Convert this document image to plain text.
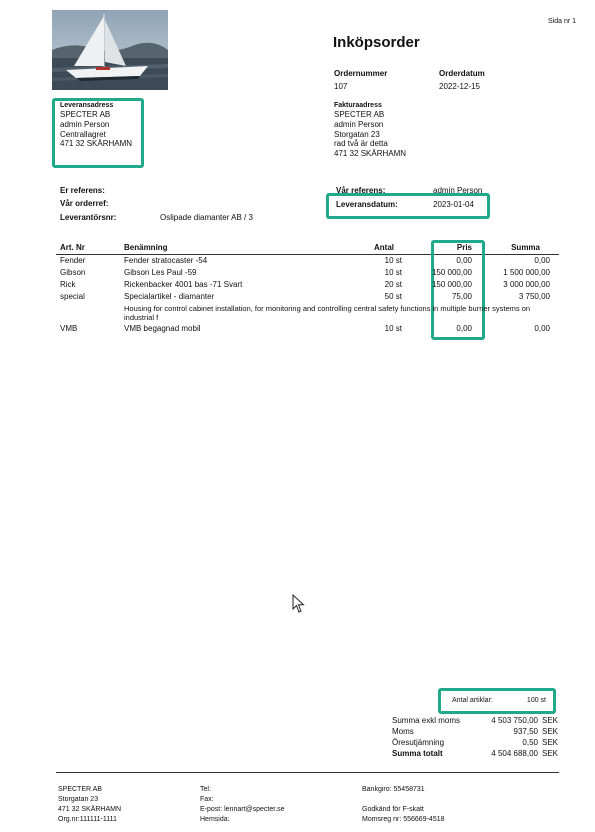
Sida nr 1
Inköpsorder
Ordernummer
107
Orderdatum
2022-12-15
Leveransadress
SPECTER AB
admin Person
Centrallagret
471 32 SKÄRHAMN
Fakturaadress
SPECTER AB
admin Person
Storgatan 23
rad två är detta
471 32 SKÄRHAMN
Er referens:
Vår orderref:
Leverantörsnr:	Oslipade diamanter AB / 3
Vår referens:	admin Person
Leveransdatum:	2023-01-04
Art. Nr	Benämning	Antal	Pris	Summa
Fender	Fender stratocaster -54	10 st	0,00	0,00
Gibson	Gibson Les Paul -59	10 st	150 000,00	1 500 000,00
Rick	Rickenbacker 4001 bas -71 Svart	20 st	150 000,00	3 000 000,00
special	Specialartikel - diamanter	50 st	75,00	3 750,00
Housing for control cabinet installation, for monitoring and controlling central safety functions in multiple burner systems on
industrial f
VMB	VMB begagnad mobil	10 st	0,00	0,00
Antal artiklar:	100 st
Summa exkl moms	4 503 750,00 SEK
Moms	937,50 SEK
Öresutjämning	0,50 SEK
Summa totalt	4 504 688,00 SEK
SPECTER AB
Storgatan 23
471 32 SKÄRHAMN
Org.nr:111111-1111
Tel:
Fax:
E-post: lennart@specter.se
Hemsida:
Bankgiro: 55458731
Godkänd för F-skatt
Momsreg nr: 556669-4518
